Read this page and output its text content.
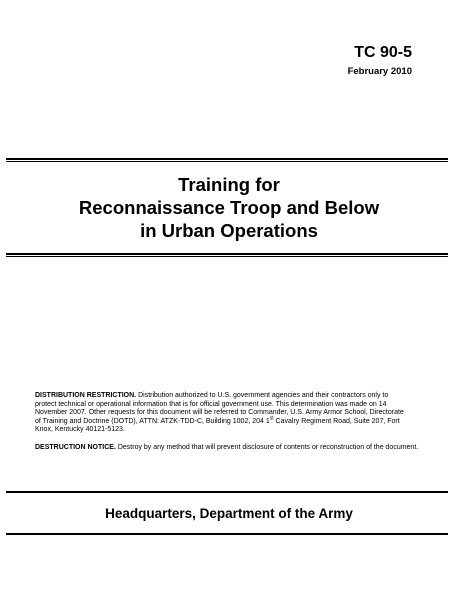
TC 90-5
February 2010
Training for
Reconnaissance Troop and Below
in Urban Operations
DISTRIBUTION RESTRICTION. Distribution authorized to U.S. government agencies and their contractors only to
protect technical or operational information that is for official government use. This determination was made on 14
November 2007. Other requests for this document will be referred to Commander, U.S. Army Armor School, Directorate
of Training and Doctrine (DOTD), ATTN: ATZK-TDD-C, Building 1002, 204 1st Cavalry Regiment Road, Suite 207, Fort
Knox, Kentucky 40121-5123.
DESTRUCTION NOTICE. Destroy by any method that will prevent disclosure of contents or reconstruction of the document.
Headquarters, Department of the Army
